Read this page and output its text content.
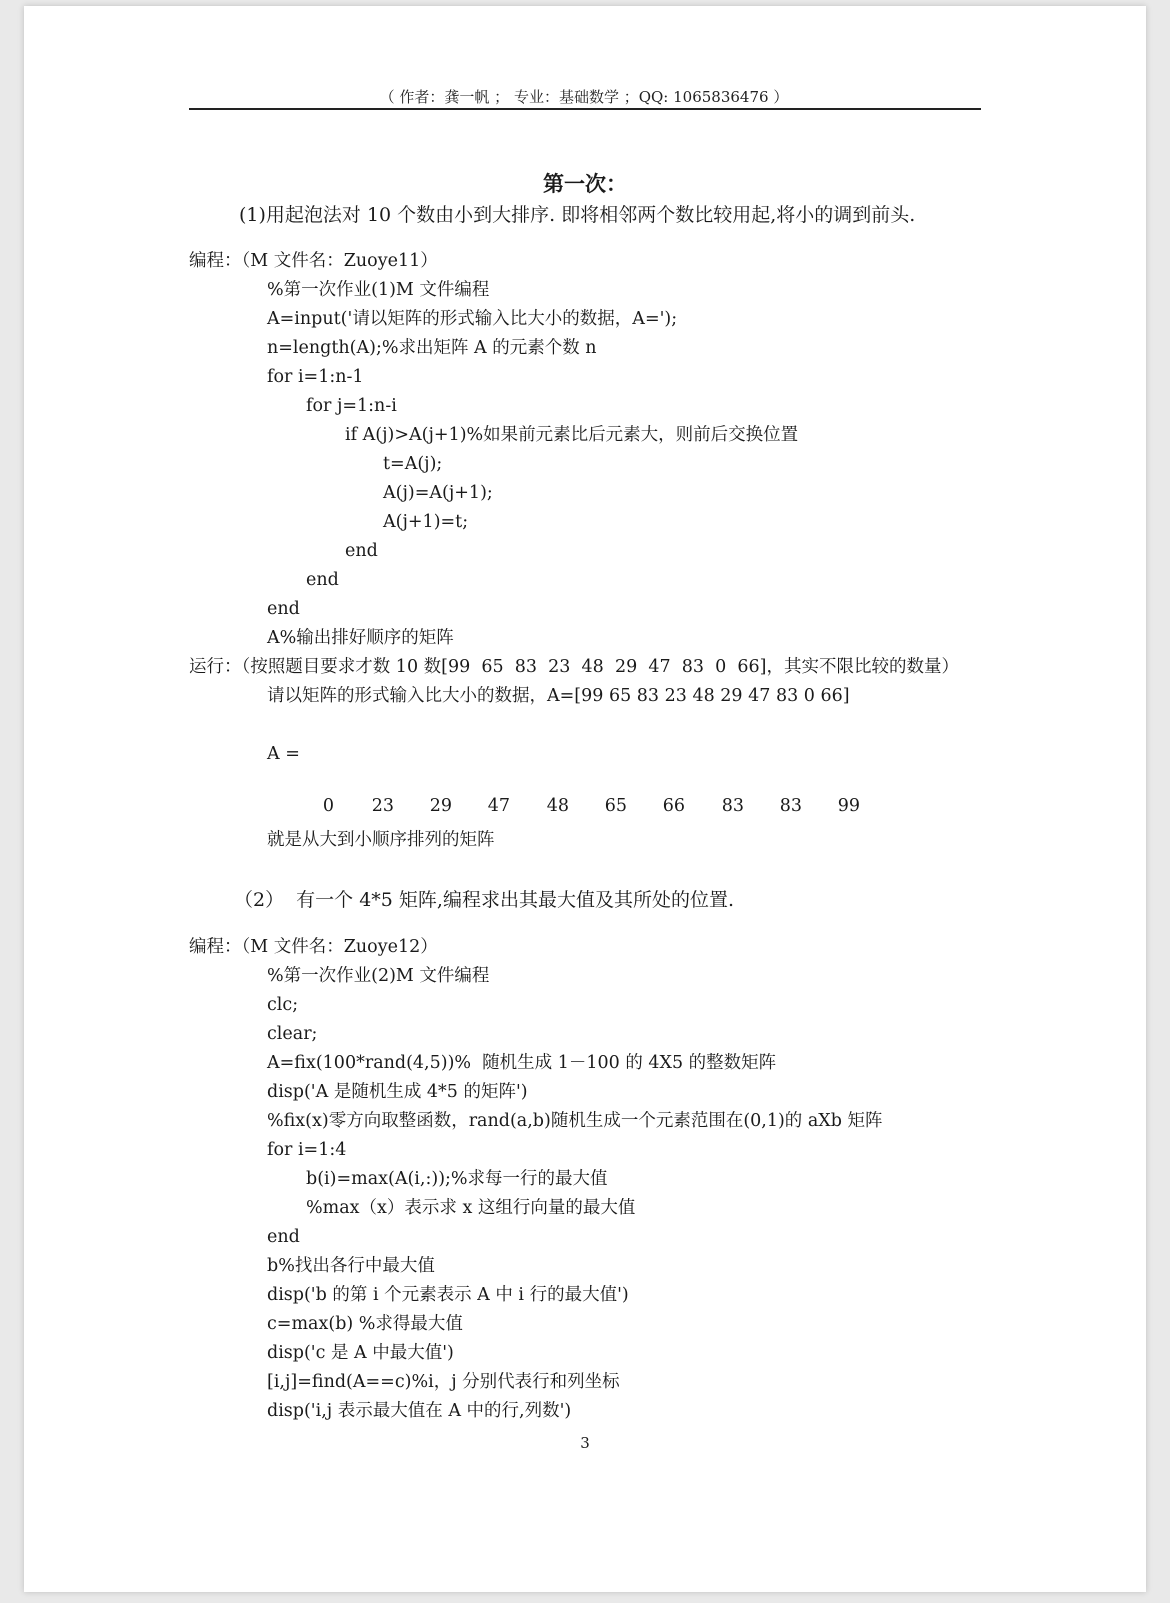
（ 作者：龚一帆 ； 专业：基础数学 ；QQ: 1065836476 ）
第一次：
(1)用起泡法对 10 个数由小到大排序. 即将相邻两个数比较用起,将小的调到前头.
编程：（M 文件名：Zuoye11）
%第一次作业(1)M 文件编程
A=input('请以矩阵的形式输入比大小的数据，A=');
n=length(A);%求出矩阵 A 的元素个数 n
for i=1:n-1
for j=1:n-i
if A(j)>A(j+1)%如果前元素比后元素大，则前后交换位置
t=A(j);
A(j)=A(j+1);
A(j+1)=t;
end
end
end
A%输出排好顺序的矩阵
运行：（按照题目要求才数 10 数[99  65  83  23  48  29  47  83  0  66]，其实不限比较的数量）
请以矩阵的形式输入比大小的数据，A=[99 65 83 23 48 29 47 83 0 66]
A =
0	23	29	47	48	65	66	83	83	99
就是从大到小顺序排列的矩阵
（2）  有一个 4*5 矩阵,编程求出其最大值及其所处的位置.
编程：（M 文件名：Zuoye12）
%第一次作业(2)M 文件编程
clc;
clear;
A=fix(100*rand(4,5))%  随机生成 1－100 的 4X5 的整数矩阵
disp('A 是随机生成 4*5 的矩阵')
%fix(x)零方向取整函数，rand(a,b)随机生成一个元素范围在(0,1)的 aXb 矩阵
for i=1:4
b(i)=max(A(i,:));%求每一行的最大值
%max（x）表示求 x 这组行向量的最大值
end
b%找出各行中最大值
disp('b 的第 i 个元素表示 A 中 i 行的最大值')
c=max(b) %求得最大值
disp('c 是 A 中最大值')
[i,j]=find(A==c)%i，j 分别代表行和列坐标
disp('i,j 表示最大值在 A 中的行,列数')
3
